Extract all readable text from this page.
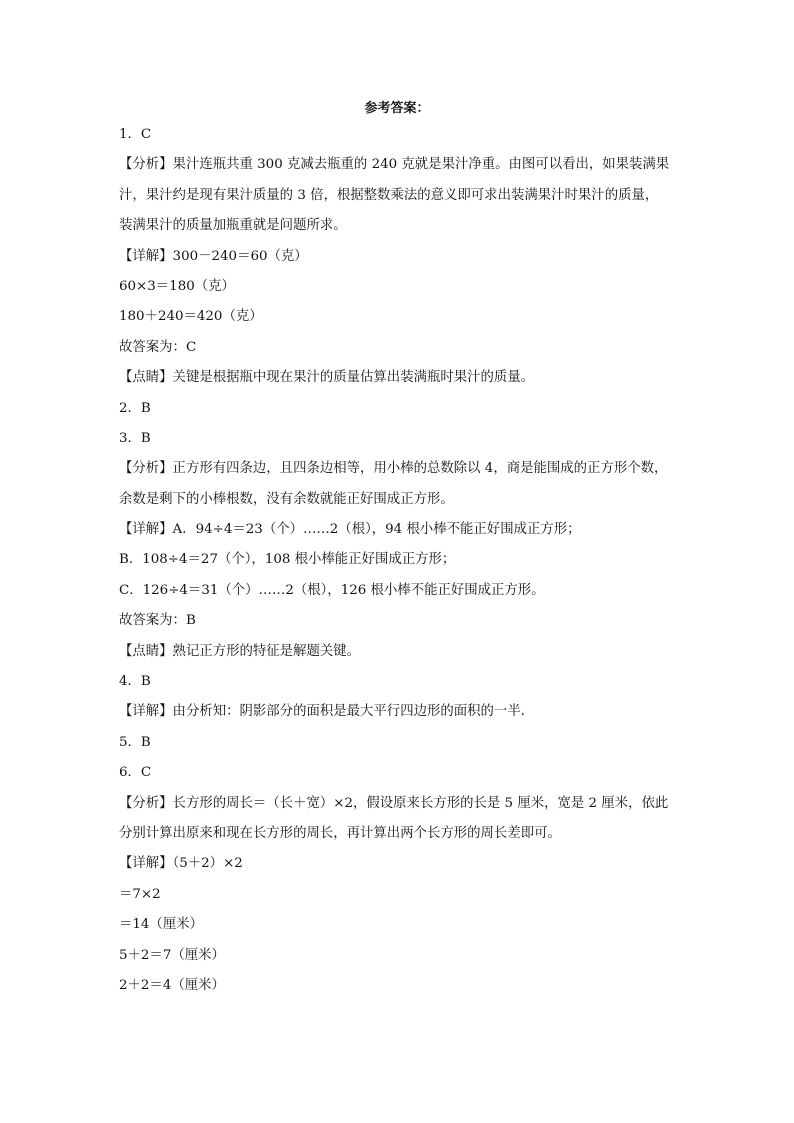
参考答案：
1．C
【分析】果汁连瓶共重 300 克减去瓶重的 240 克就是果汁净重。由图可以看出，如果装满果
汁，果汁约是现有果汁质量的 3 倍，根据整数乘法的意义即可求出装满果汁时果汁的质量，
装满果汁的质量加瓶重就是问题所求。
【详解】300－240＝60（克）
60×3＝180（克）
180＋240＝420（克）
故答案为：C
【点睛】关键是根据瓶中现在果汁的质量估算出装满瓶时果汁的质量。
2．B
3．B
【分析】正方形有四条边，且四条边相等，用小棒的总数除以 4，商是能围成的正方形个数，
余数是剩下的小棒根数，没有余数就能正好围成正方形。
【详解】A．94÷4＝23（个）……2（根），94 根小棒不能正好围成正方形；
B．108÷4＝27（个），108 根小棒能正好围成正方形；
C．126÷4＝31（个）……2（根），126 根小棒不能正好围成正方形。
故答案为：B
【点睛】熟记正方形的特征是解题关键。
4．B
【详解】由分析知：阴影部分的面积是最大平行四边形的面积的一半．
5．B
6．C
【分析】长方形的周长＝（长＋宽）×2，假设原来长方形的长是 5 厘米，宽是 2 厘米，依此
分别计算出原来和现在长方形的周长，再计算出两个长方形的周长差即可。
【详解】（5＋2）×2
＝7×2
＝14（厘米）
5＋2＝7（厘米）
2＋2＝4（厘米）
